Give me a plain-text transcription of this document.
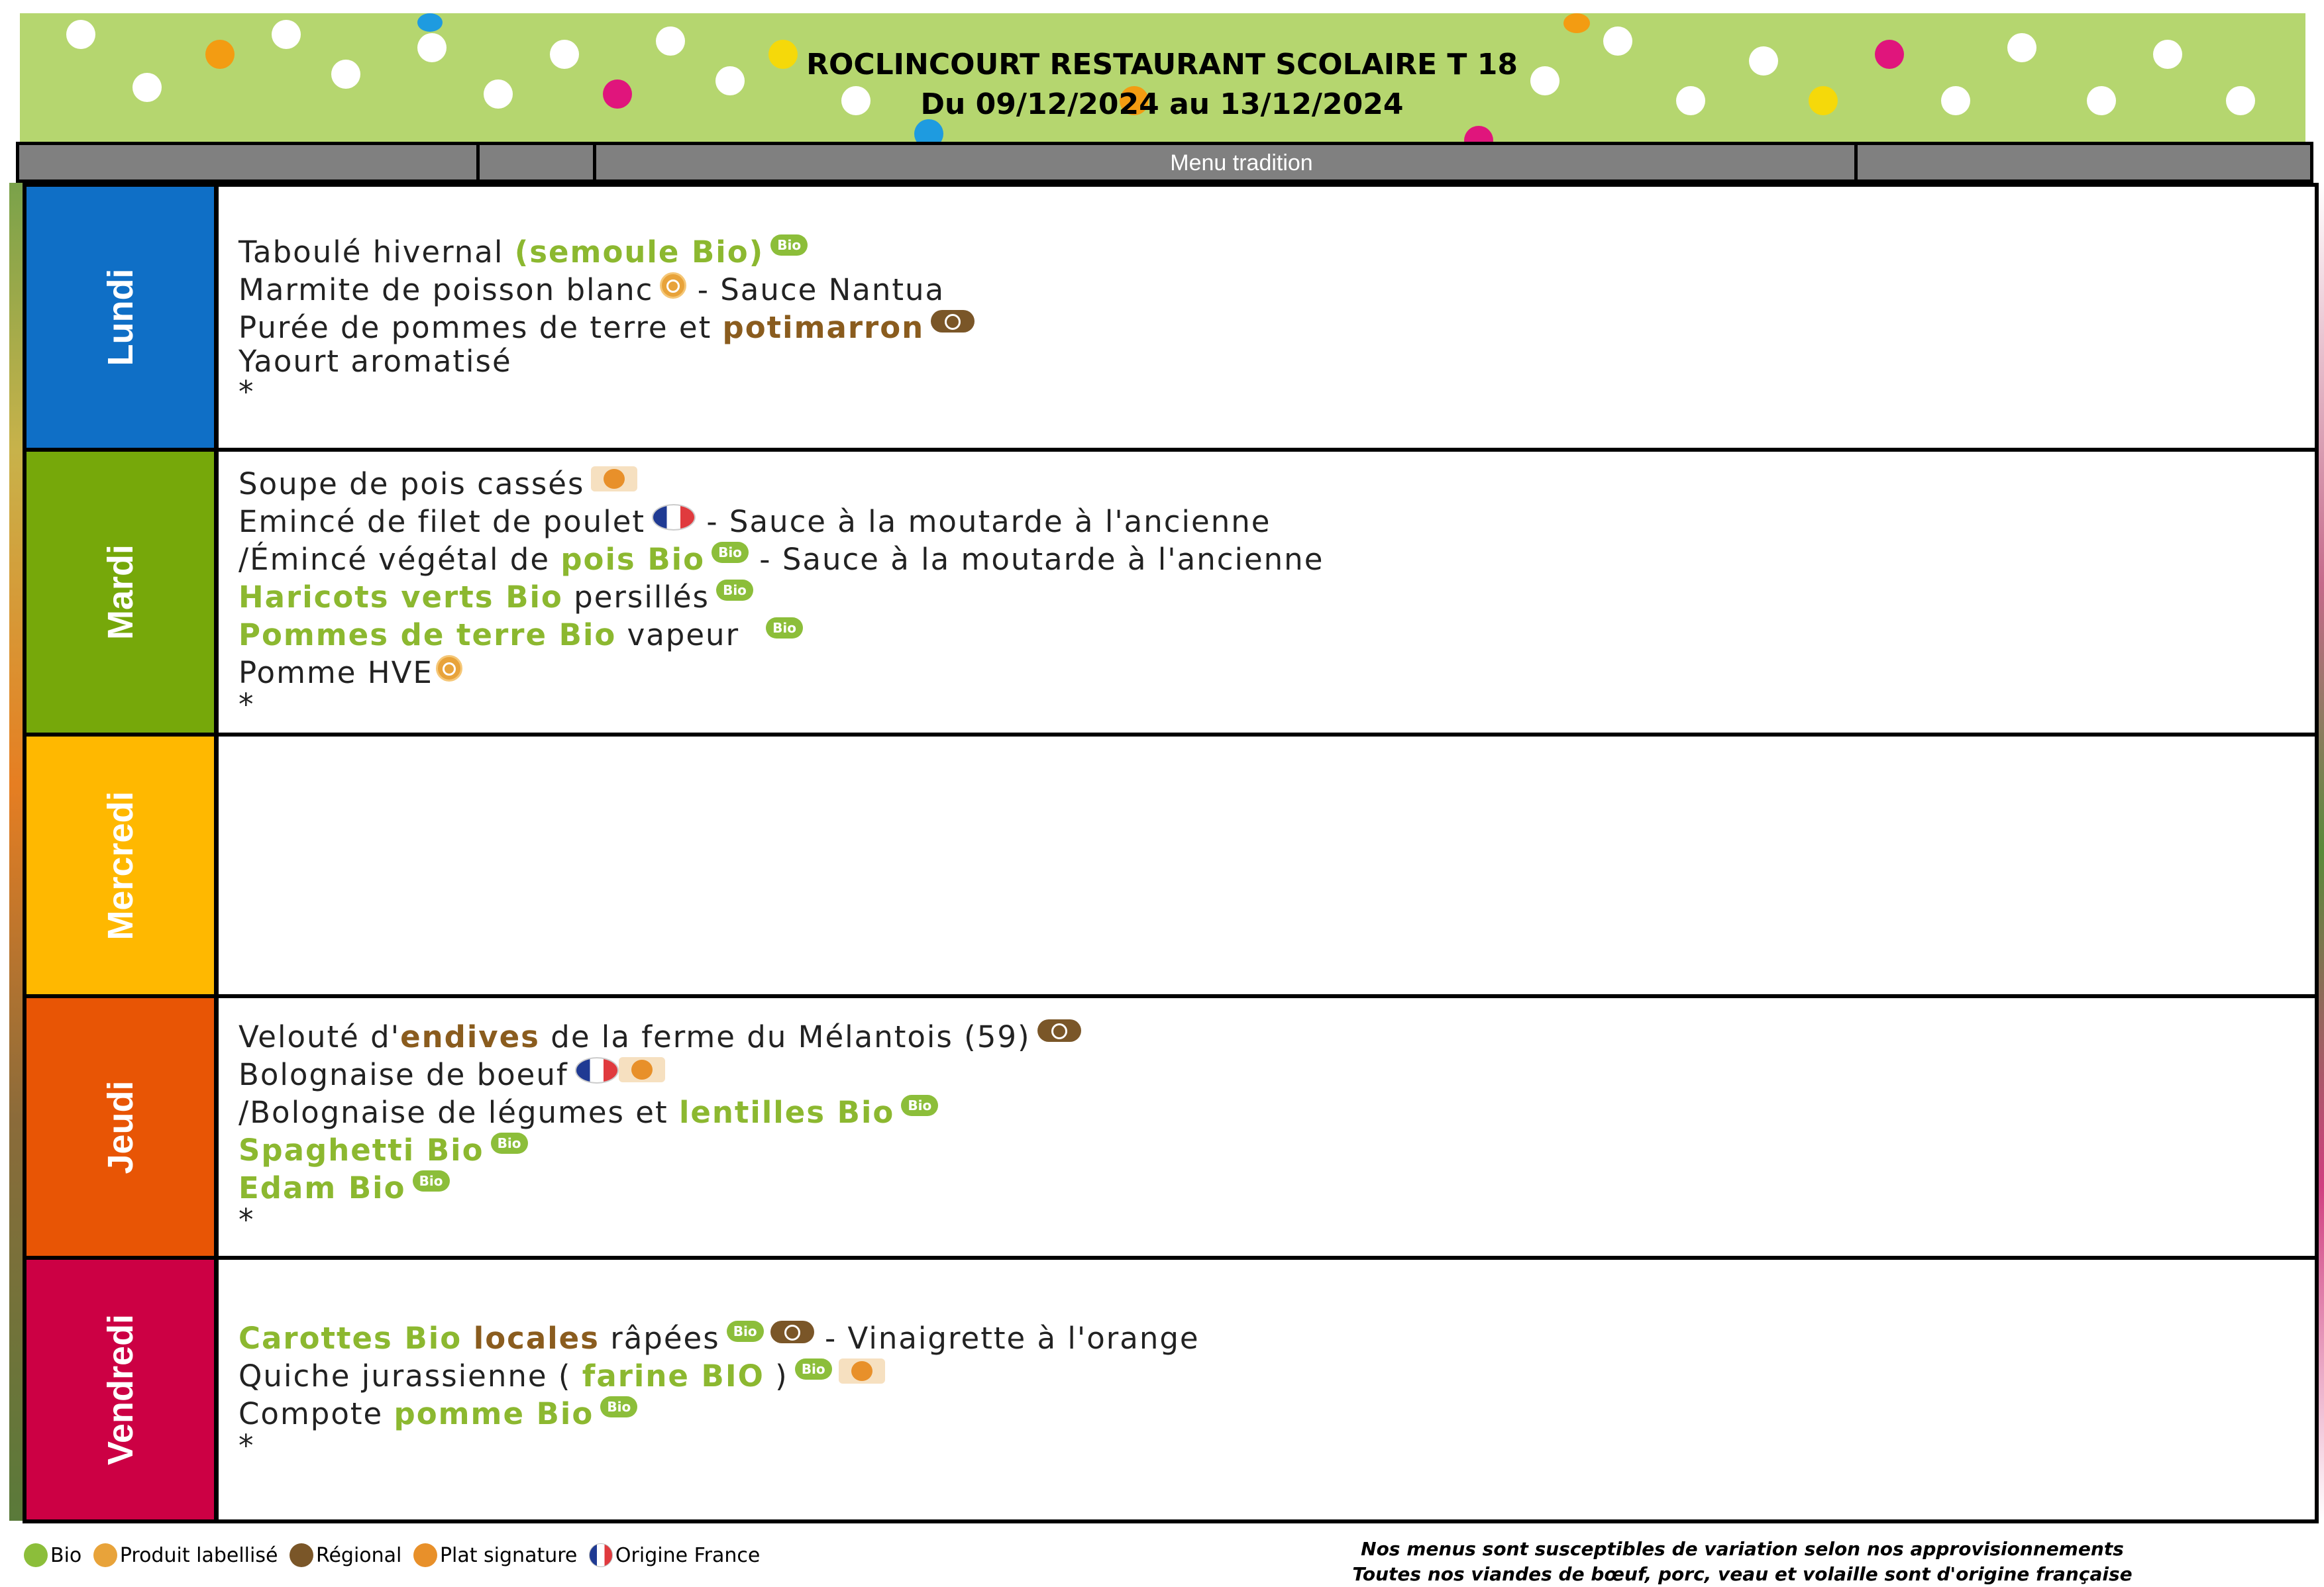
ROCLINCOURT RESTAURANT SCOLAIRE T 18
Du 09/12/2024 au 13/12/2024
Menu tradition
Lundi
Taboulé hivernal (semoule Bio) Bio
Marmite de poisson blanc - Sauce Nantua
Purée de pommes de terre et potimarron
Yaourt aromatisé
*
Mardi
Soupe de pois cassés
Emincé de filet de poulet - Sauce à la moutarde à l'ancienne
/Émincé végétal de pois Bio Bio - Sauce à la moutarde à l'ancienne
Haricots verts Bio persillés Bio
Pommes de terre Bio vapeur	Bio
Pomme HVE
*
Mercredi
Jeudi
Velouté d'endives de la ferme du Mélantois (59)
Bolognaise de boeuf
/Bolognaise de légumes et lentilles Bio Bio
Spaghetti Bio Bio
Edam Bio Bio
*
Vendredi	Carottes Bio locales râpées Bio - Vinaigrette à l'orange
Quiche jurassienne ( farine BIO ) Bio
Compote pomme Bio Bio
*
Bio Produit labellisé Régional Plat signature Origine France	Nos menus sont susceptibles de variation selon nos approvisionnements
Toutes nos viandes de bœuf, porc, veau et volaille sont d'origine française
